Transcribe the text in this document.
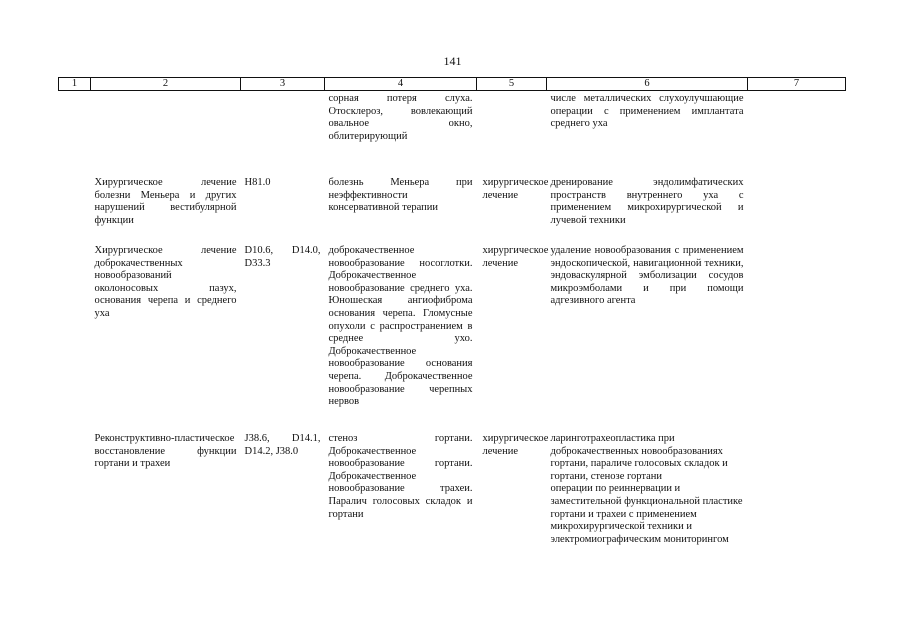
141
1	2	3	4	5	6	7
			сорная потеря слуха. Отосклероз, вовлекающий овальное окно, облитерирующий		числе металлических слухоулучшающие операции с применением имплантата среднего уха	
	Хирургическое лечение болезни Меньера и других нарушений вестибулярной функции	H81.0	болезнь Меньера при неэффективности консервативной терапии	хирургическое лечение	дренирование эндолимфатических пространств внутреннего уха с применением микрохирургической и лучевой техники	
	Хирургическое лечение доброкачественных новообразований околоносовых пазух, основания черепа и среднего уха	D10.6, D14.0, D33.3	доброкачественное новообразование носоглотки. Доброкачественное новообразование среднего уха. Юношеская ангиофиброма основания черепа. Гломусные опухоли с распространением в среднее ухо. Доброкачественное новообразование основания черепа. Доброкачественное новообразование черепных нервов	хирургическое лечение	удаление новообразования с применением эндоскопической, навигационной техники, эндоваскулярной эмболизации сосудов микроэмболами и при помощи адгезивного агента	
	Реконструктивно-пластическое восстановление функции гортани и трахеи	J38.6, D14.1, D14.2, J38.0	стеноз гортани. Доброкачественное новообразование гортани. Доброкачественное новообразование трахеи. Паралич голосовых складок и гортани	хирургическое лечение	ларинготрахеопластика при доброкачественных новообразованиях гортани, параличе голосовых складок и гортани, стенозе гортани
операции по реиннервации и заместительной функциональной пластике гортани и трахеи с применением микрохирургической техники и электромиографическим мониторингом	
